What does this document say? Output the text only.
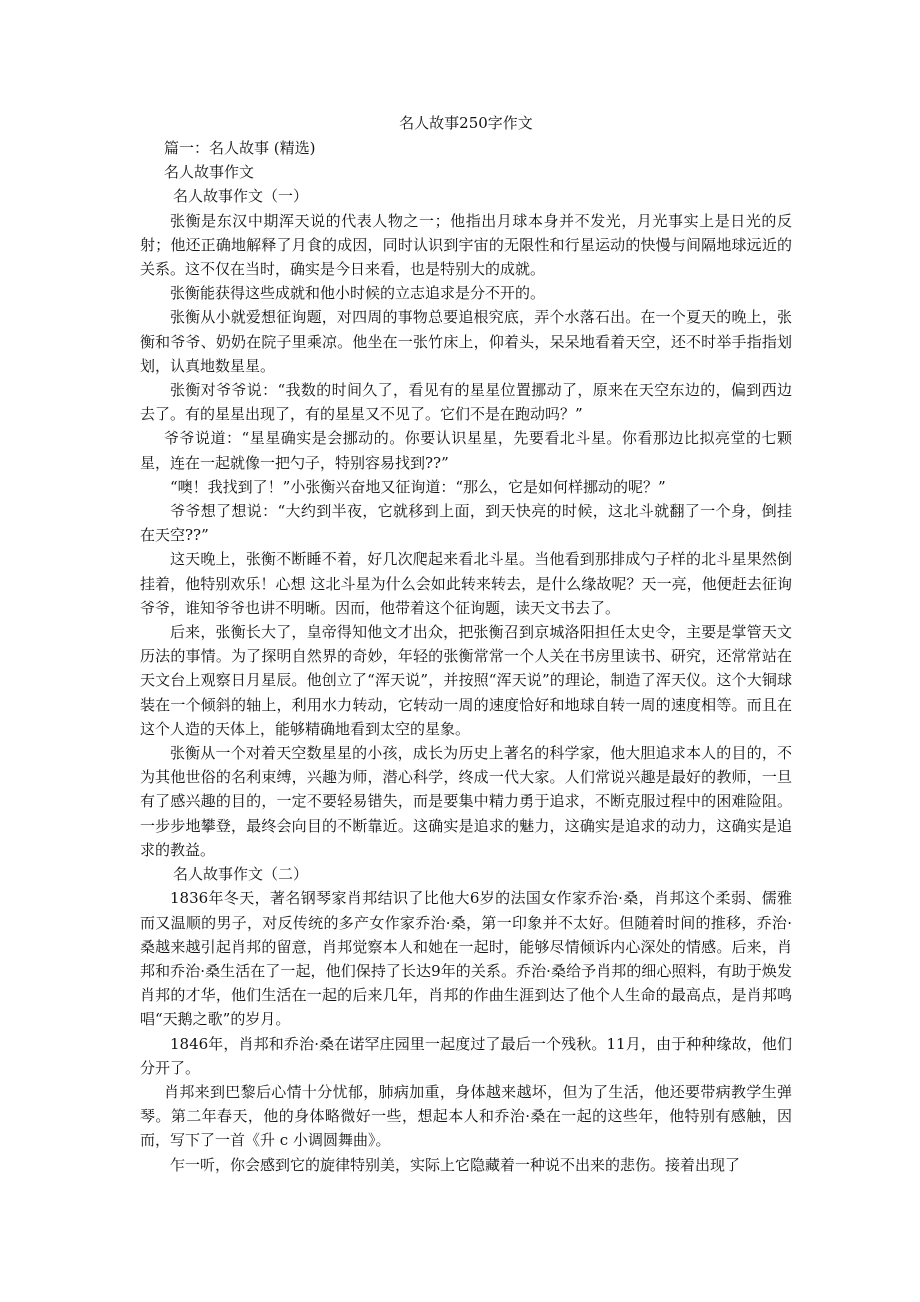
名人故事250字作文

篇一：名人故事 (精选)

名人故事作文

名人故事作文（一）

张衡是东汉中期浑天说的代表人物之一；他指出月球本身并不发光，月光事实上是日光的反射；他还正确地解释了月食的成因，同时认识到宇宙的无限性和行星运动的快慢与间隔地球远近的关系。这不仅在当时，确实是今日来看，也是特别大的成就。

张衡能获得这些成就和他小时候的立志追求是分不开的。

张衡从小就爱想征询题，对四周的事物总要追根究底，弄个水落石出。在一个夏天的晚上，张衡和爷爷、奶奶在院子里乘凉。他坐在一张竹床上，仰着头，呆呆地看着天空，还不时举手指指划划，认真地数星星。

张衡对爷爷说：“我数的时间久了，看见有的星星位置挪动了，原来在天空东边的，偏到西边去了。有的星星出现了，有的星星又不见了。它们不是在跑动吗？”

爷爷说道：“星星确实是会挪动的。你要认识星星，先要看北斗星。你看那边比拟亮堂的七颗星，连在一起就像一把勺子，特别容易找到??”

“噢！我找到了！”小张衡兴奋地又征询道：“那么，它是如何样挪动的呢？”

爷爷想了想说：“大约到半夜，它就移到上面，到天快亮的时候，这北斗就翻了一个身，倒挂在天空??”

这天晚上，张衡不断睡不着，好几次爬起来看北斗星。当他看到那排成勺子样的北斗星果然倒挂着，他特别欢乐！心想 这北斗星为什么会如此转来转去，是什么缘故呢？天一亮，他便赶去征询爷爷，谁知爷爷也讲不明晰。因而，他带着这个征询题，读天文书去了。

后来，张衡长大了，皇帝得知他文才出众，把张衡召到京城洛阳担任太史令，主要是掌管天文历法的事情。为了探明自然界的奇妙，年轻的张衡常常一个人关在书房里读书、研究，还常常站在天文台上观察日月星辰。他创立了“浑天说”，并按照“浑天说”的理论，制造了浑天仪。这个大铜球装在一个倾斜的轴上，利用水力转动，它转动一周的速度恰好和地球自转一周的速度相等。而且在这个人造的天体上，能够精确地看到太空的星象。

张衡从一个对着天空数星星的小孩，成长为历史上著名的科学家，他大胆追求本人的目的，不为其他世俗的名利束缚，兴趣为师，潜心科学，终成一代大家。人们常说兴趣是最好的教师，一旦有了感兴趣的目的，一定不要轻易错失，而是要集中精力勇于追求，不断克服过程中的困难险阻。一步步地攀登，最终会向目的不断靠近。这确实是追求的魅力，这确实是追求的动力，这确实是追求的教益。

名人故事作文（二）

1836年冬天，著名钢琴家肖邦结识了比他大6岁的法国女作家乔治·桑，肖邦这个柔弱、儒雅而又温顺的男子，对反传统的多产女作家乔治·桑，第一印象并不太好。但随着时间的推移，乔治·桑越来越引起肖邦的留意，肖邦觉察本人和她在一起时，能够尽情倾诉内心深处的情感。后来，肖邦和乔治·桑生活在了一起，他们保持了长达9年的关系。乔治·桑给予肖邦的细心照料，有助于焕发肖邦的才华，他们生活在一起的后来几年，肖邦的作曲生涯到达了他个人生命的最高点，是肖邦鸣唱“天鹅之歌”的岁月。

1846年，肖邦和乔治·桑在诺罕庄园里一起度过了最后一个残秋。11月，由于种种缘故，他们分开了。

肖邦来到巴黎后心情十分忧郁，肺病加重，身体越来越坏，但为了生活，他还要带病教学生弹琴。第二年春天，他的身体略微好一些，想起本人和乔治·桑在一起的这些年，他特别有感触，因而，写下了一首《升 c 小调圆舞曲》。

乍一听，你会感到它的旋律特别美，实际上它隐藏着一种说不出来的悲伤。接着出现了
